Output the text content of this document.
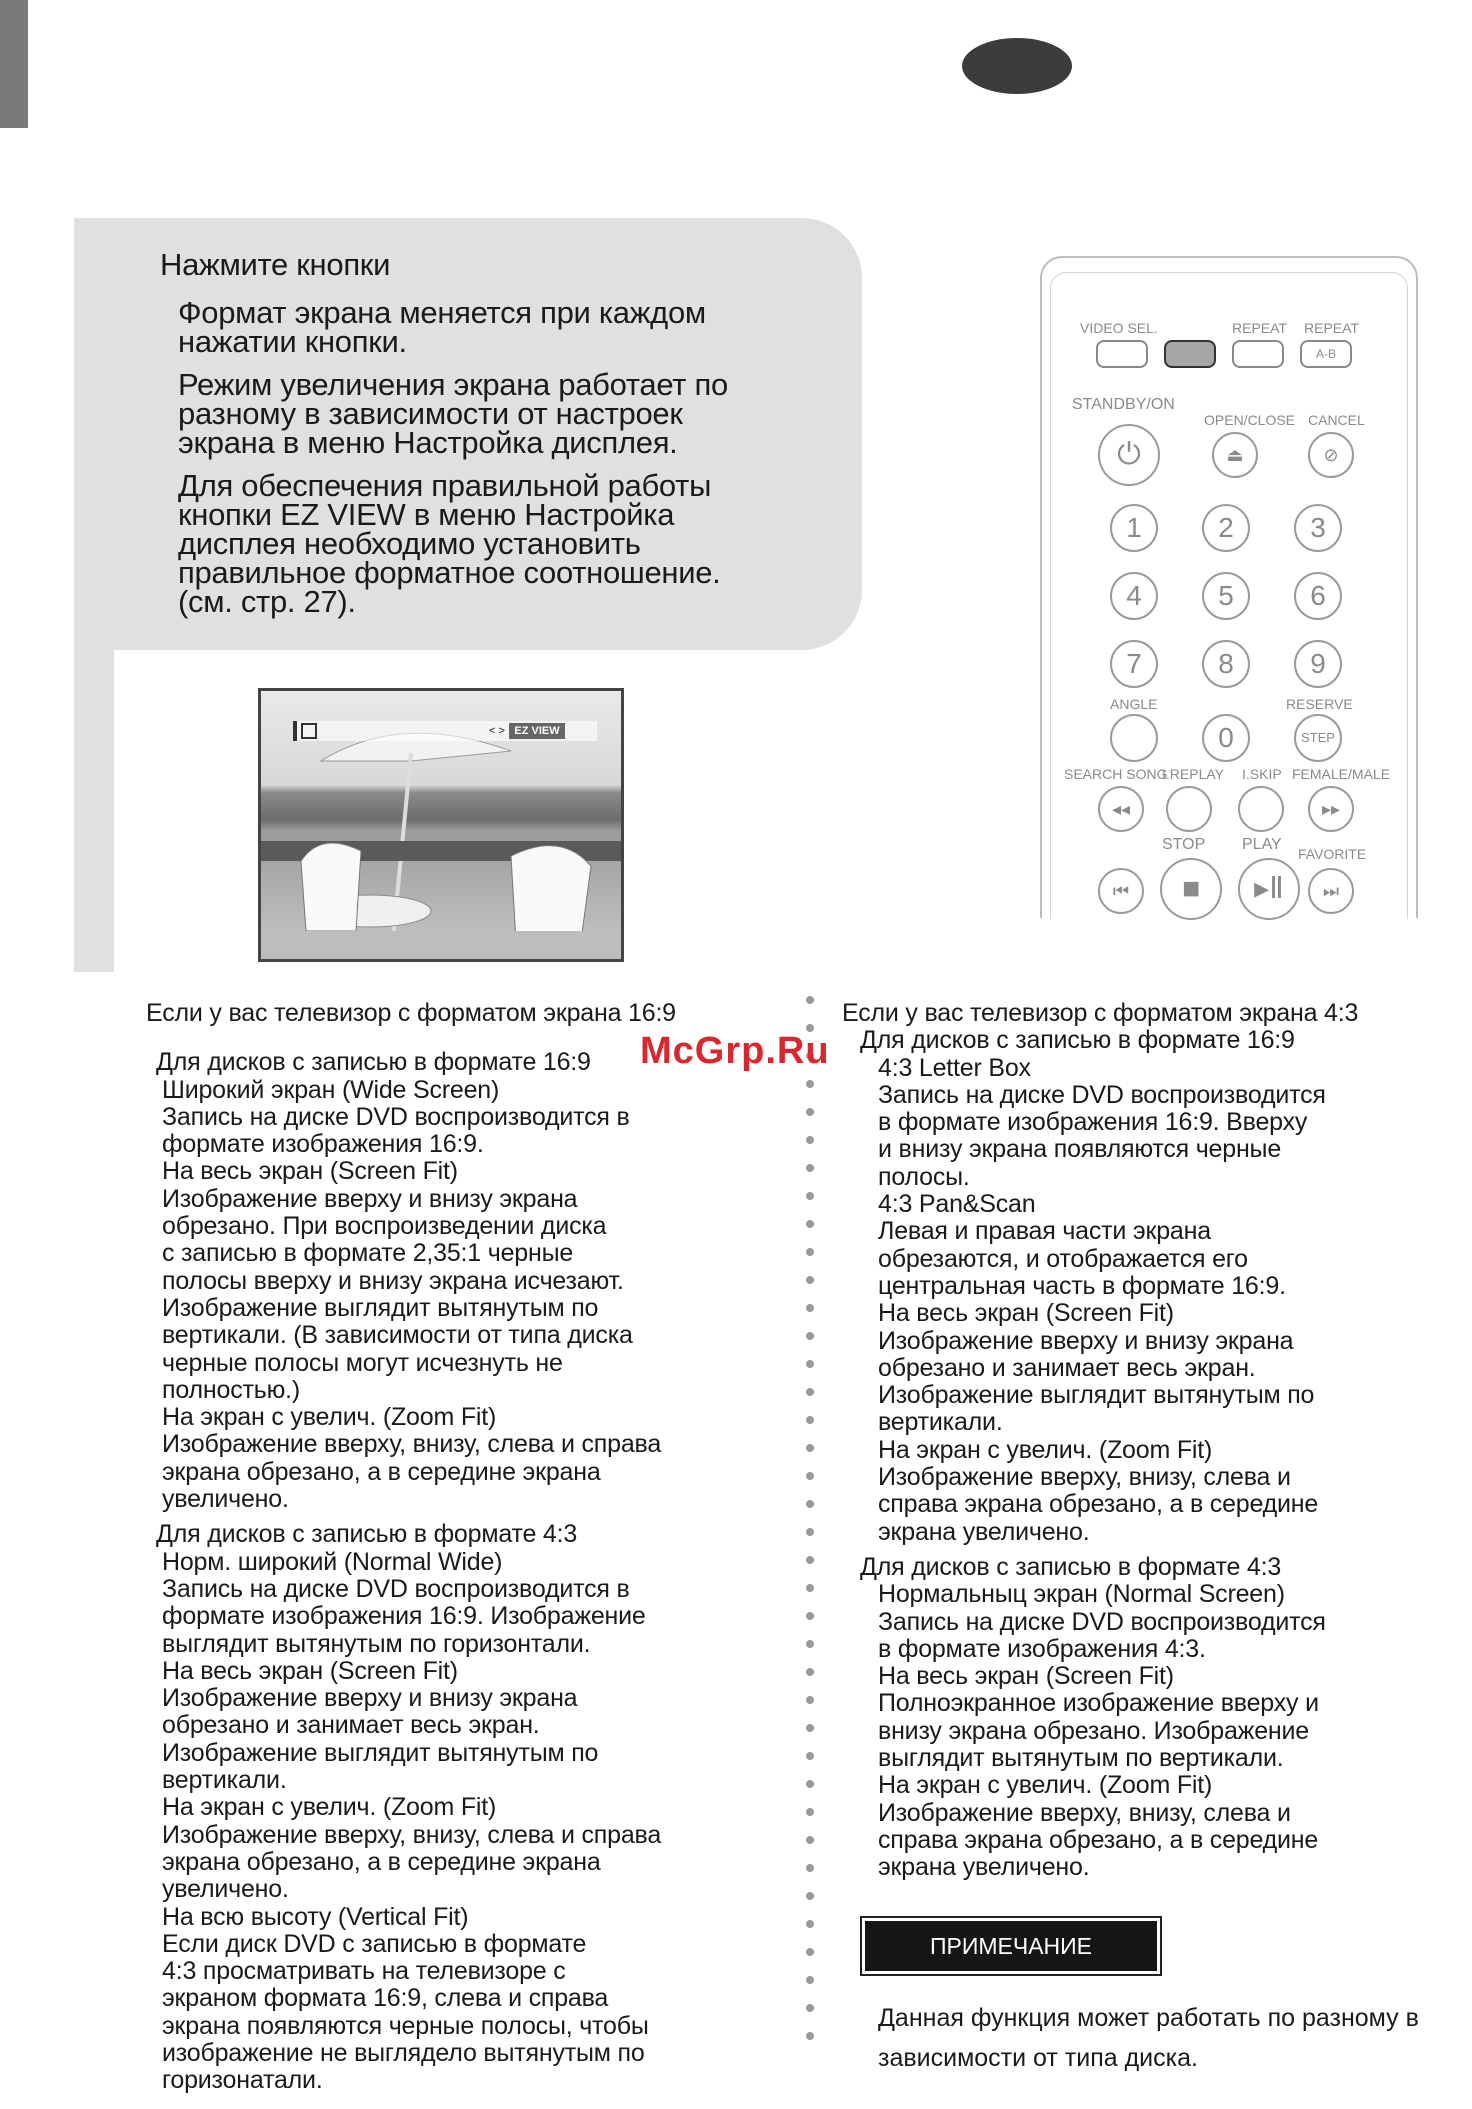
Нажмите кнопки

Формат экрана меняется при каждом
нажатии кнопки.

Режим увеличения экрана работает по
разному в зависимости от настроек
экрана в меню Настройка дисплея.

Для обеспечения правильной работы
кнопки EZ VIEW в меню Настройка
дисплея необходимо установить
правильное форматное соотношение.
(см. стр. 27).

< > EZ VIEW
VIDEO SEL.	REPEAT REPEAT
A-B
STANDBY/ON
OPEN/CLOSE CANCEL
⏻	⏏	⊘
1	2	3
4	5	6
7	8	9
ANGLE	RESERVE
0	STEP
SEARCH SONG
I.REPLAY I.SKIP FEMALE/MALE
◂◂	▸▸
STOP PLAY
FAVORITE
⏮	■	▸Ⅱ	⏭
Если у вас телевизор с форматом экрана 16:9
Для дисков с записью в формате 16:9

Широкий экран (Wide Screen)
Запись на диске DVD воспроизводится в
формате изображения 16:9.
На весь экран (Screen Fit)
Изображение вверху и внизу экрана
обрезано. При воспроизведении диска
с записью в формате 2,35:1 черные
полосы вверху и внизу экрана исчезают.
Изображение выглядит вытянутым по
вертикали. (В зависимости от типа диска
черные полосы могут исчезнуть не
полностью.)
На экран с увелич. (Zoom Fit)
Изображение вверху, внизу, слева и справа
экрана обрезано, а в середине экрана
увеличено.

Для дисков с записью в формате 4:3

Норм. широкий (Normal Wide)
Запись на диске DVD воспроизводится в
формате изображения 16:9. Изображение
выглядит вытянутым по горизонтали.
На весь экран (Screen Fit)
Изображение вверху и внизу экрана
обрезано и занимает весь экран.
Изображение выглядит вытянутым по
вертикали.
На экран с увелич. (Zoom Fit)
Изображение вверху, внизу, слева и справа
экрана обрезано, а в середине экрана
увеличено.
На всю высоту (Vertical Fit)
Если диск DVD с записью в формате
4:3 просматривать на телевизоре с
экраном формата 16:9, слева и справа
экрана появляются черные полосы, чтобы
изображение не выглядело вытянутым по
горизонатали.

Если у вас телевизор с форматом экрана 4:3
Для дисков с записью в формате 16:9

4:3 Letter Box
Запись на диске DVD воспроизводится
в формате изображения 16:9. Вверху
и внизу экрана появляются черные
полосы.
4:3 Pan&Scan
Левая и правая части экрана
обрезаются, и отображается его
центральная часть в формате 16:9.
На весь экран (Screen Fit)
Изображение вверху и внизу экрана
обрезано и занимает весь экран.
Изображение выглядит вытянутым по
вертикали.
На экран с увелич. (Zoom Fit)
Изображение вверху, внизу, слева и
справа экрана обрезано, а в середине
экрана увеличено.

Для дисков с записью в формате 4:3

Нормальныц экран (Normal Screen)
Запись на диске DVD воспроизводится
в формате изображения 4:3.
На весь экран (Screen Fit)
Полноэкранное изображение вверху и
внизу экрана обрезано. Изображение
выглядит вытянутым по вертикали.
На экран с увелич. (Zoom Fit)
Изображение вверху, внизу, слева и
справа экрана обрезано, а в середине
экрана увеличено.

ПРИМЕЧАНИЕ
Данная функция может работать по разному в
зависимости от типа диска.
McGrp.Ru
